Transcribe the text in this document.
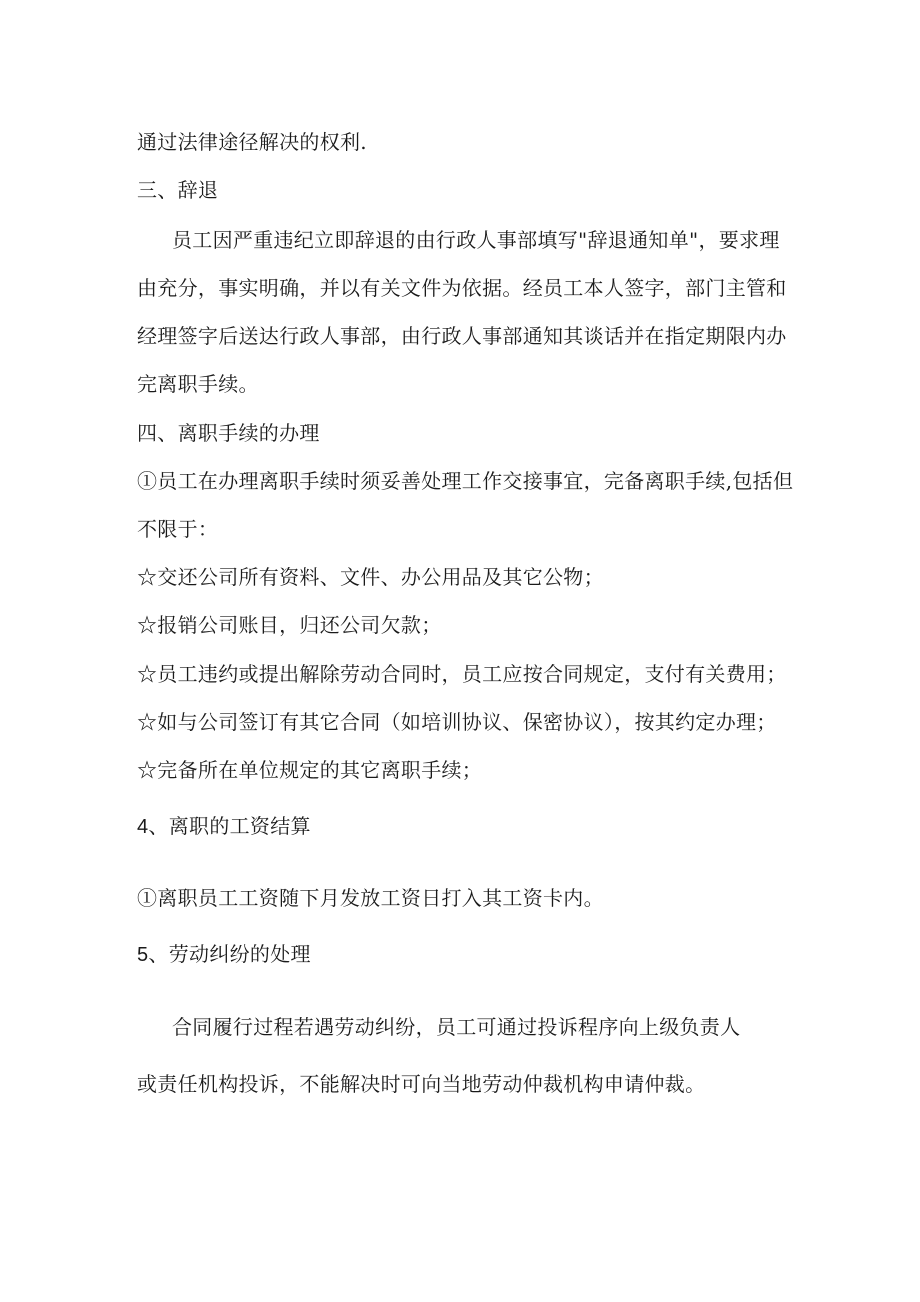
通过法律途径解决的权利.
三、辞退
员工因严重违纪立即辞退的由行政人事部填写"辞退通知单"，要求理
由充分，事实明确，并以有关文件为依据。经员工本人签字，部门主管和
经理签字后送达行政人事部，由行政人事部通知其谈话并在指定期限内办
完离职手续。
四、离职手续的办理
①员工在办理离职手续时须妥善处理工作交接事宜，完备离职手续,包括但
不限于：
☆交还公司所有资料、文件、办公用品及其它公物；
☆报销公司账目，归还公司欠款；
☆员工违约或提出解除劳动合同时，员工应按合同规定，支付有关费用；
☆如与公司签订有其它合同（如培训协议、保密协议），按其约定办理；
☆完备所在单位规定的其它离职手续；
4、离职的工资结算
①离职员工工资随下月发放工资日打入其工资卡内。
5、劳动纠纷的处理
合同履行过程若遇劳动纠纷，员工可通过投诉程序向上级负责人
或责任机构投诉，不能解决时可向当地劳动仲裁机构申请仲裁。
